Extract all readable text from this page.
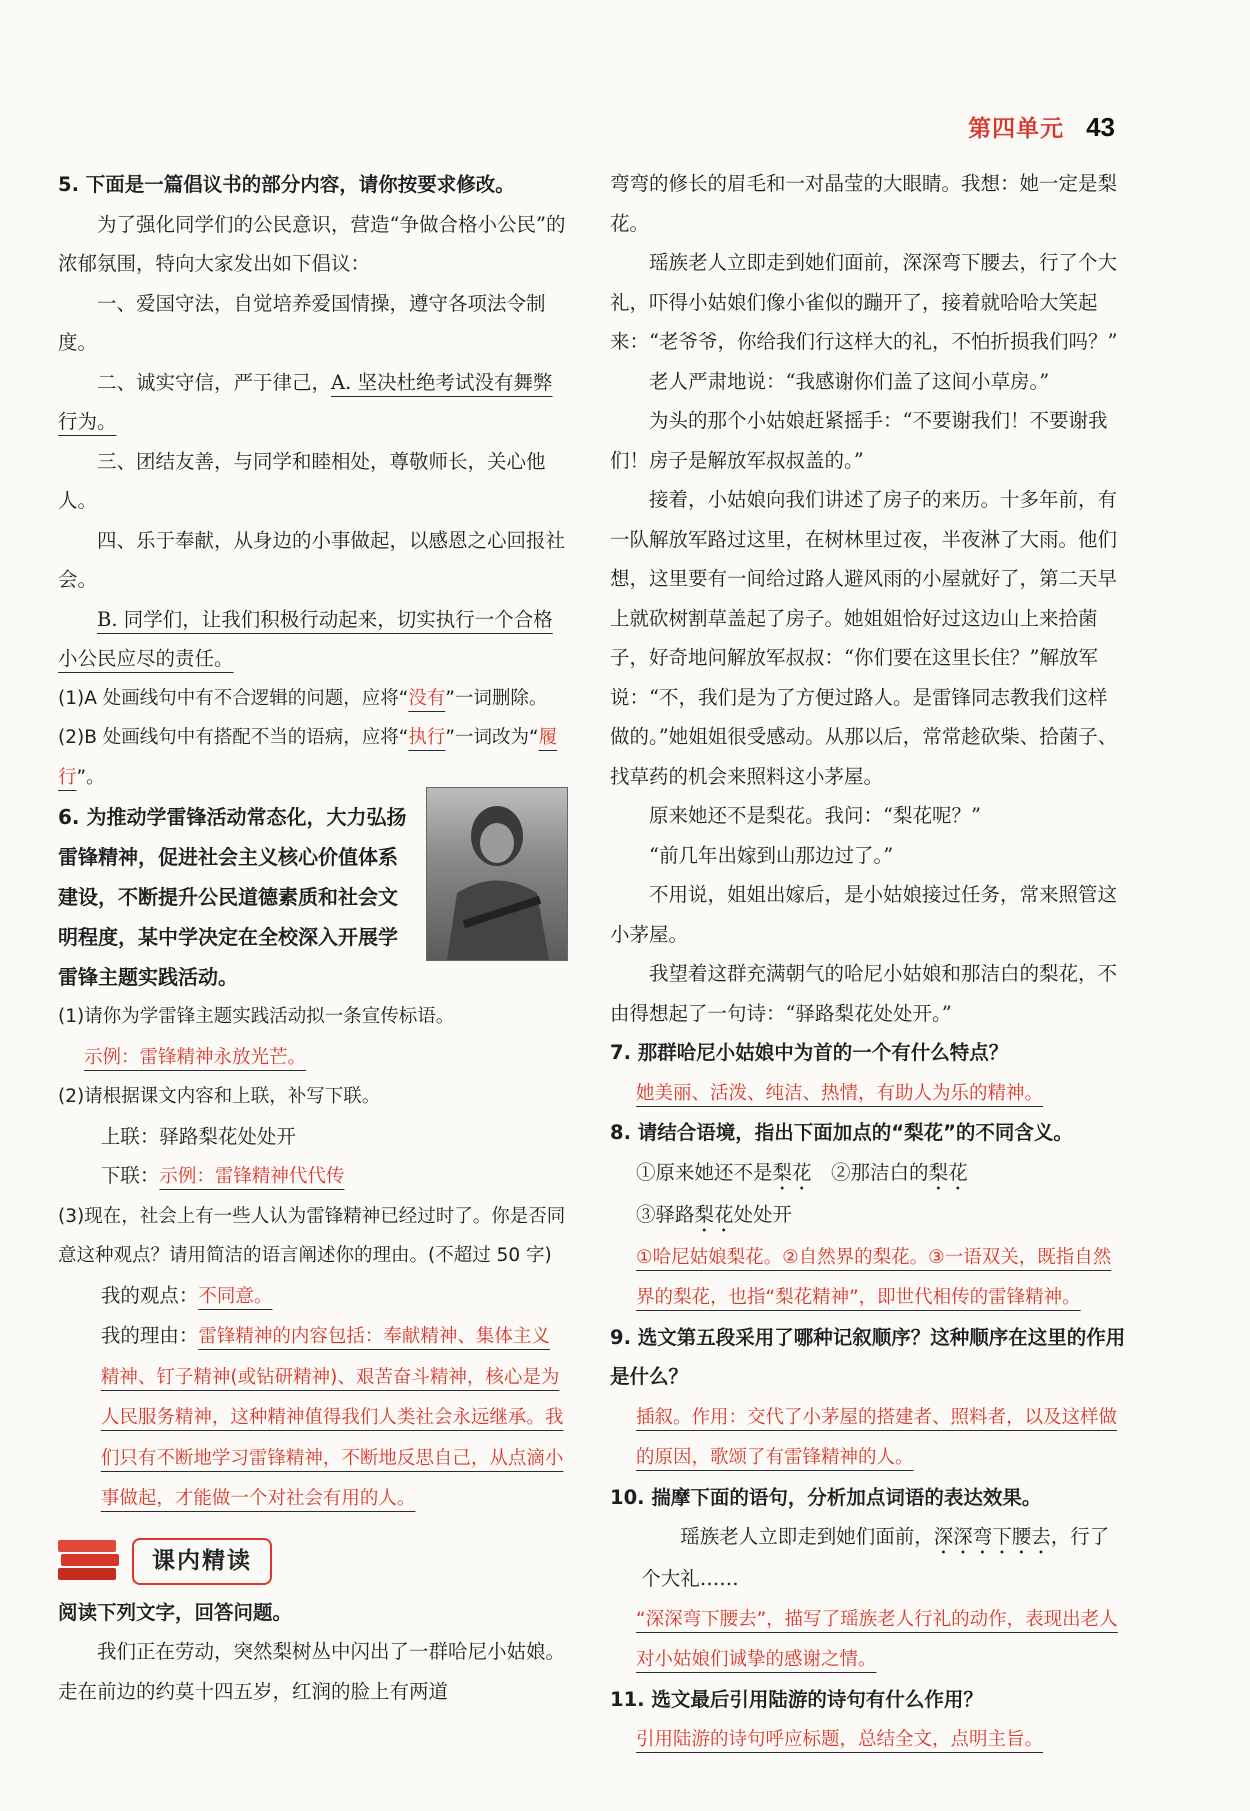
第四单元 43

5. 下面是一篇倡议书的部分内容，请你按要求修改。

为了强化同学们的公民意识，营造“争做合格小公民”的浓郁氛围，特向大家发出如下倡议：

一、爱国守法，自觉培养爱国情操，遵守各项法令制度。

二、诚实守信，严于律己，A. 坚决杜绝考试没有舞弊行为。

三、团结友善，与同学和睦相处，尊敬师长，关心他人。

四、乐于奉献，从身边的小事做起，以感恩之心回报社会。

B. 同学们，让我们积极行动起来，切实执行一个合格小公民应尽的责任。

(1)A 处画线句中有不合逻辑的问题，应将“没有”一词删除。

(2)B 处画线句中有搭配不当的语病，应将“执行”一词改为“履行”。

6. 为推动学雷锋活动常态化，大力弘扬雷锋精神，促进社会主义核心价值体系建设，不断提升公民道德素质和社会文明程度，某中学决定在全校深入开展学雷锋主题实践活动。

(1)请你为学雷锋主题实践活动拟一条宣传标语。

示例：雷锋精神永放光芒。

(2)请根据课文内容和上联，补写下联。

上联：驿路梨花处处开

下联：示例：雷锋精神代代传

(3)现在，社会上有一些人认为雷锋精神已经过时了。你是否同意这种观点？请用简洁的语言阐述你的理由。(不超过 50 字)

我的观点：不同意。

我的理由：雷锋精神的内容包括：奉献精神、集体主义精神、钉子精神(或钻研精神)、艰苦奋斗精神，核心是为人民服务精神，这种精神值得我们人类社会永远继承。我们只有不断地学习雷锋精神，不断地反思自己，从点滴小事做起，才能做一个对社会有用的人。

课内精读

阅读下列文字，回答问题。

我们正在劳动，突然梨树丛中闪出了一群哈尼小姑娘。走在前边的约莫十四五岁，红润的脸上有两道

弯弯的修长的眉毛和一对晶莹的大眼睛。我想：她一定是梨花。

瑶族老人立即走到她们面前，深深弯下腰去，行了个大礼，吓得小姑娘们像小雀似的蹦开了，接着就哈哈大笑起来：“老爷爷，你给我们行这样大的礼，不怕折损我们吗？”

老人严肃地说：“我感谢你们盖了这间小草房。”

为头的那个小姑娘赶紧摇手：“不要谢我们！不要谢我们！房子是解放军叔叔盖的。”

接着，小姑娘向我们讲述了房子的来历。十多年前，有一队解放军路过这里，在树林里过夜，半夜淋了大雨。他们想，这里要有一间给过路人避风雨的小屋就好了，第二天早上就砍树割草盖起了房子。她姐姐恰好过这边山上来拾菌子，好奇地问解放军叔叔：“你们要在这里长住？”解放军说：“不，我们是为了方便过路人。是雷锋同志教我们这样做的。”她姐姐很受感动。从那以后，常常趁砍柴、拾菌子、找草药的机会来照料这小茅屋。

原来她还不是梨花。我问：“梨花呢？”

“前几年出嫁到山那边过了。”

不用说，姐姐出嫁后，是小姑娘接过任务，常来照管这小茅屋。

我望着这群充满朝气的哈尼小姑娘和那洁白的梨花，不由得想起了一句诗：“驿路梨花处处开。”

7. 那群哈尼小姑娘中为首的一个有什么特点？

她美丽、活泼、纯洁、热情，有助人为乐的精神。

8. 请结合语境，指出下面加点的“梨花”的不同含义。

①原来她还不是梨花　 ②那洁白的梨花

③驿路梨花处处开

①哈尼姑娘梨花。②自然界的梨花。③一语双关，既指自然界的梨花，也指“梨花精神”，即世代相传的雷锋精神。

9. 选文第五段采用了哪种记叙顺序？这种顺序在这里的作用是什么？

插叙。作用：交代了小茅屋的搭建者、照料者，以及这样做的原因，歌颂了有雷锋精神的人。

10. 揣摩下面的语句，分析加点词语的表达效果。

瑶族老人立即走到她们面前，深深弯下腰去，行了个大礼……

“深深弯下腰去”，描写了瑶族老人行礼的动作，表现出老人对小姑娘们诚挚的感谢之情。

11. 选文最后引用陆游的诗句有什么作用？

引用陆游的诗句呼应标题，总结全文，点明主旨。
